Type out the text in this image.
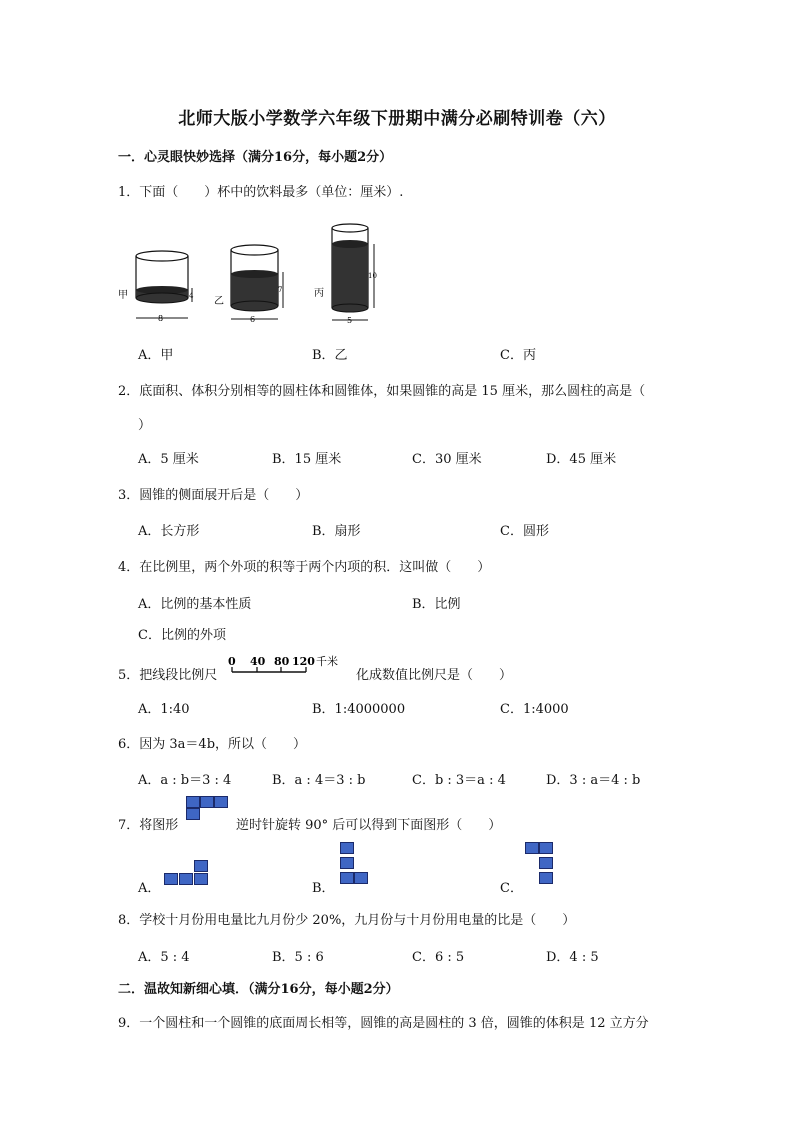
北师大版小学数学六年级下册期中满分必刷特训卷（六）
一．心灵眼快妙选择（满分16分，每小题2分）
1．下面（　　）杯中的饮料最多（单位：厘米）.
甲	4
8
乙
7
6
丙
10
5
A．甲	B．乙	C．丙
2．底面积、体积分别相等的圆柱体和圆锥体，如果圆锥的高是 15 厘米，那么圆柱的高是（
）
A．5 厘米	B．15 厘米	C．30 厘米	D．45 厘米
3．圆锥的侧面展开后是（　　）
A．长方形	B．扇形	C．圆形
4．在比例里，两个外项的积等于两个内项的积．这叫做（　　）
A．比例的基本性质	B．比例
C．比例的外项
5．把线段比例尺
0 40 80 120 千米
化成数值比例尺是（　　）
A．1:40	B．1:4000000	C．1:4000
6．因为 3a＝4b，所以（　　）
A．a : b＝3 : 4	B．a : 4＝3 : b	C．b : 3＝a : 4	D．3 : a＝4 : b
7．将图形	逆时针旋转 90° 后可以得到下面图形（　　）
A．	B．	C．
8．学校十月份用电量比九月份少 20%，九月份与十月份用电量的比是（　　）
A．5 : 4	B．5 : 6	C．6 : 5	D．4 : 5
二．温故知新细心填．（满分16分，每小题2分）
9．一个圆柱和一个圆锥的底面周长相等，圆锥的高是圆柱的 3 倍，圆锥的体积是 12 立方分
